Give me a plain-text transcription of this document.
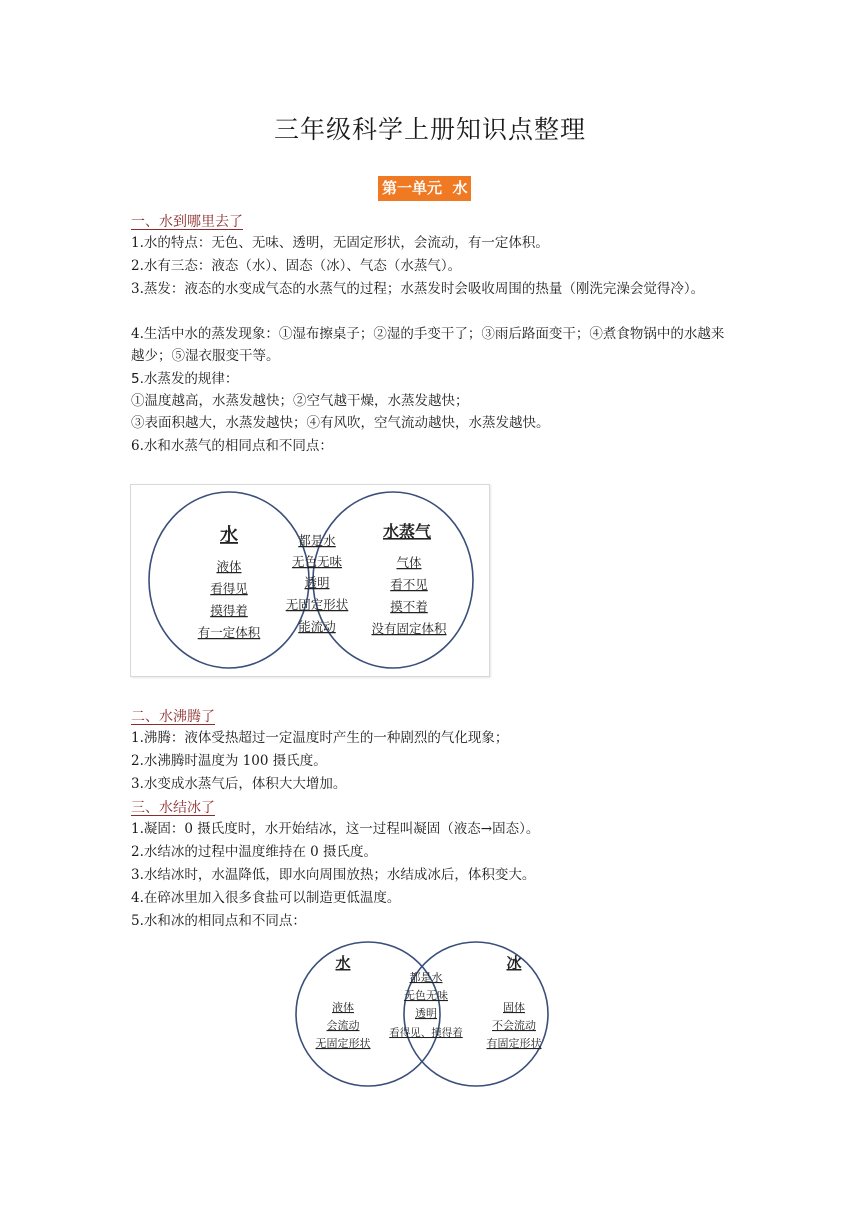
三年级科学上册知识点整理
第一单元  水
一、水到哪里去了
1.水的特点：无色、无味、透明，无固定形状，会流动，有一定体积。
2.水有三态：液态（水）、固态（冰）、气态（水蒸气）。
3.蒸发：液态的水变成气态的水蒸气的过程；水蒸发时会吸收周围的热量（刚洗完澡会觉得冷）。
4.生活中水的蒸发现象：①湿布擦桌子；②湿的手变干了；③雨后路面变干；④煮食物锅中的水越来越少；⑤湿衣服变干等。
5.水蒸发的规律：
①温度越高，水蒸发越快；②空气越干燥，水蒸发越快；
③表面积越大，水蒸发越快；④有风吹，空气流动越快，水蒸发越快。
6.水和水蒸气的相同点和不同点：
水
液体
看得见
摸得着
有一定体积
都是水
无色无味
透明
无固定形状
能流动
水蒸气
气体
看不见
摸不着
没有固定体积
二、水沸腾了
1.沸腾：液体受热超过一定温度时产生的一种剧烈的气化现象；
2.水沸腾时温度为 100 摄氏度。
3.水变成水蒸气后，体积大大增加。
三、水结冰了
1.凝固：0 摄氏度时，水开始结冰，这一过程叫凝固（液态→固态）。
2.水结冰的过程中温度维持在 0 摄氏度。
3.水结冰时，水温降低，即水向周围放热；水结成冰后，体积变大。
4.在碎冰里加入很多食盐可以制造更低温度。
5.水和冰的相同点和不同点：
水
液体
会流动
无固定形状
都是水
无色无味
透明
看得见、摸得着
冰
固体
不会流动
有固定形状
